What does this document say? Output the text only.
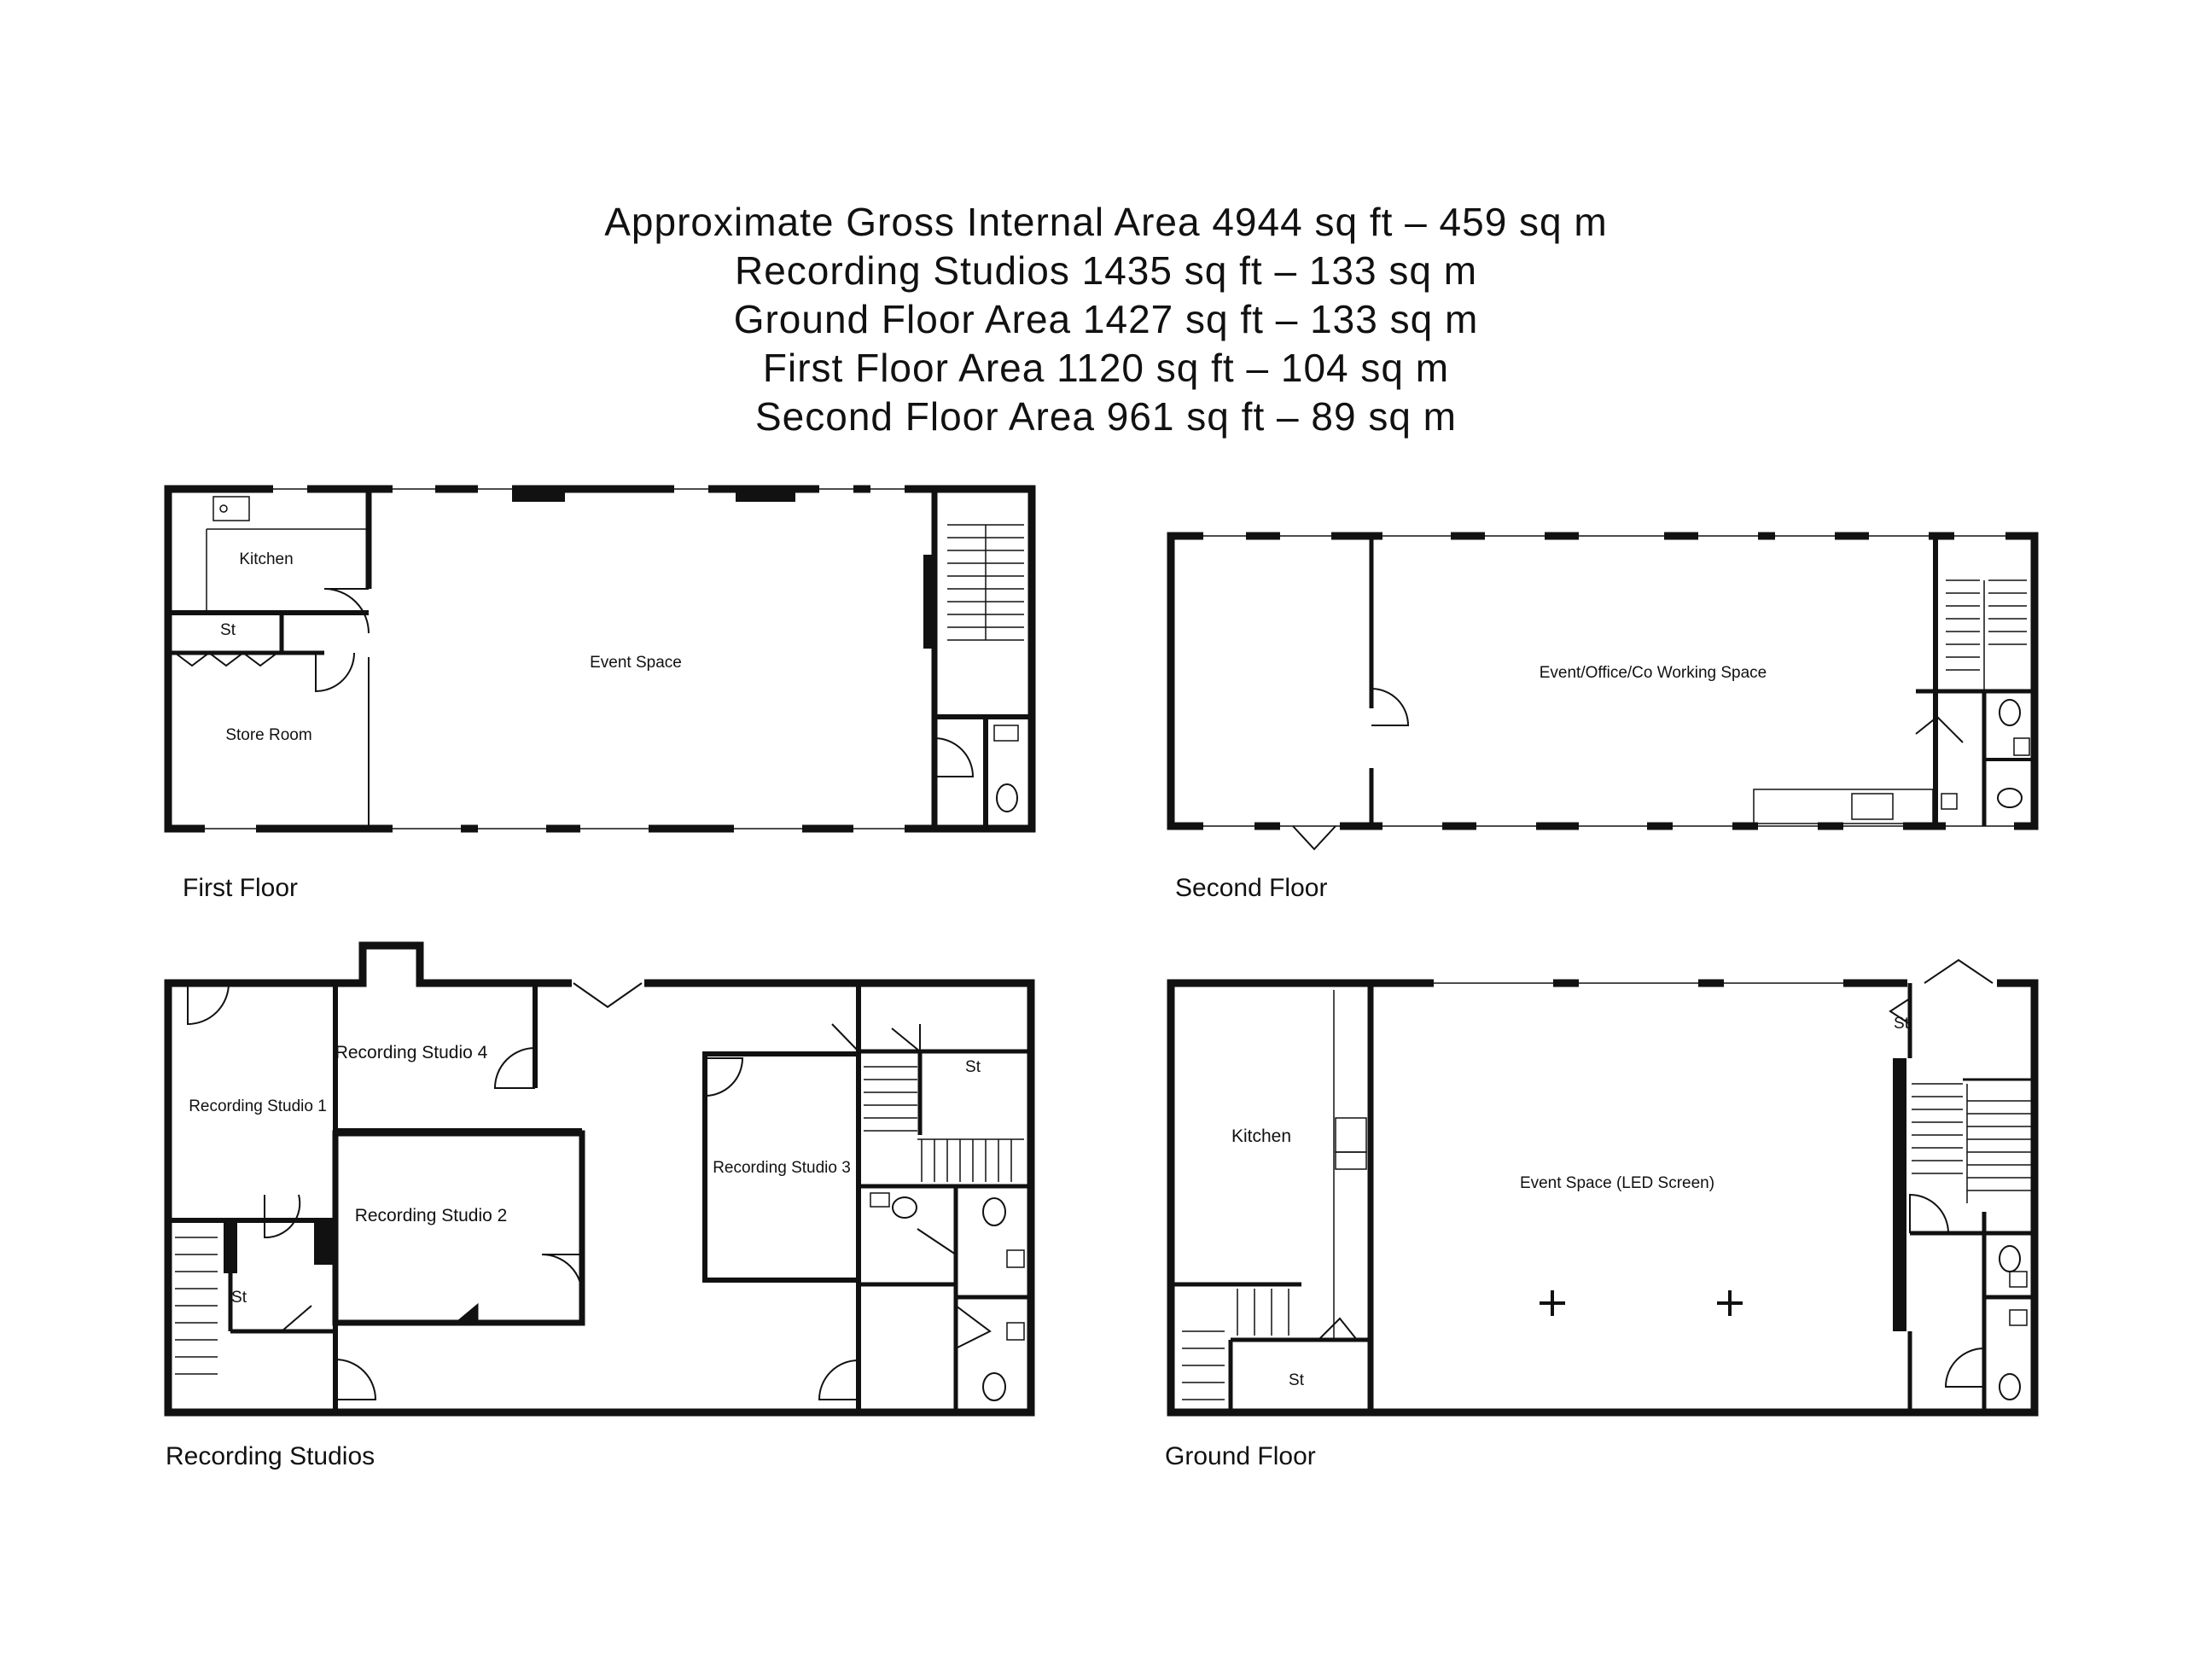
Approximate Gross Internal Area 4944 sq ft – 459 sq m
Recording Studios 1435 sq ft – 133 sq m
Ground Floor Area 1427 sq ft – 133 sq m
First Floor Area 1120 sq ft – 104 sq m
Second Floor Area 961 sq ft – 89 sq m
Kitchen
St
Store Room
Event Space
First Floor
Event/Office/Co Working Space
Second Floor
Recording Studio 1
Recording Studio 2
Recording Studio 3
Recording Studio 4
St
St
Recording Studios
Kitchen
Event Space (LED Screen)
St
St
Ground Floor
